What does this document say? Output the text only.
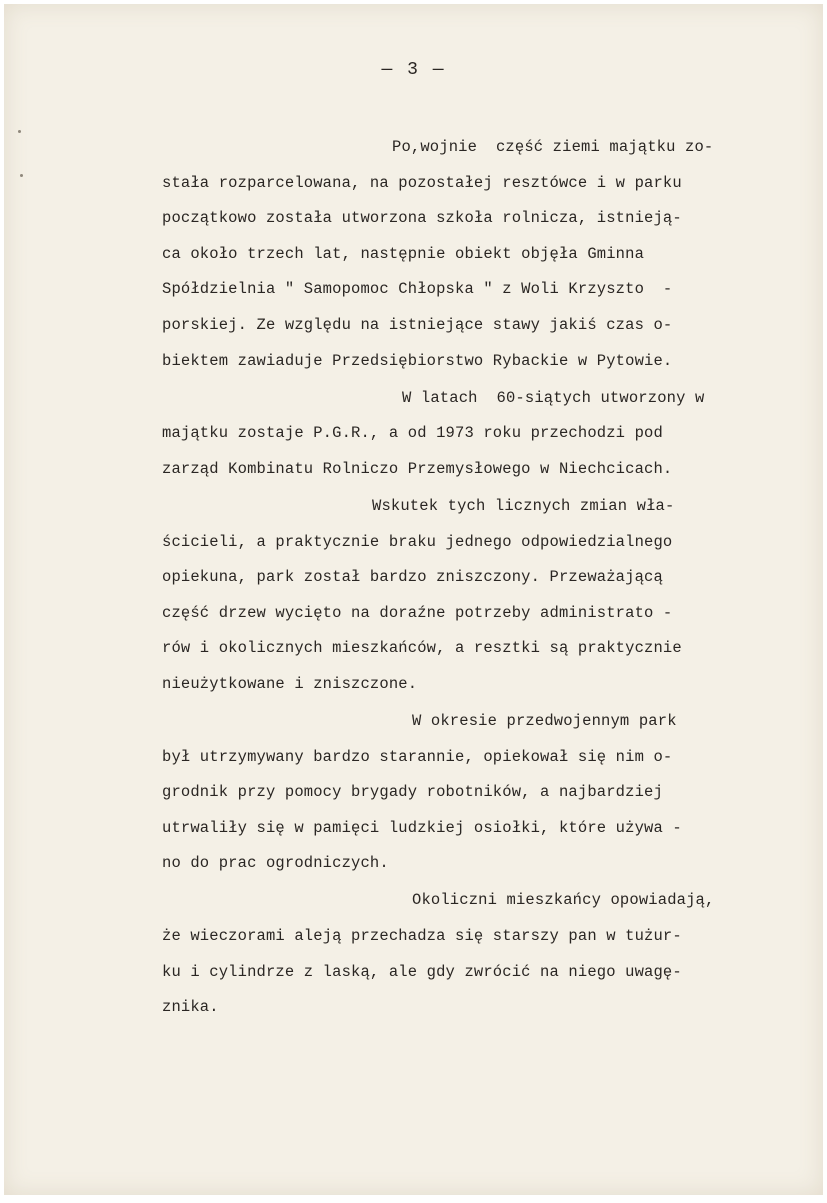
— 3 —
Po,wojnie  część ziemi majątku zo-
stała rozparcelowana, na pozostałej resztówce i w parku
początkowo została utworzona szkoła rolnicza, istnieją-
ca około trzech lat, następnie obiekt objęła Gminna
Spółdzielnia " Samopomoc Chłopska " z Woli Krzyszto  -
porskiej. Ze względu na istniejące stawy jakiś czas o-
biektem zawiaduje Przedsiębiorstwo Rybackie w Pytowie.
W latach  60-siątych utworzony w
majątku zostaje P.G.R., a od 1973 roku przechodzi pod
zarząd Kombinatu Rolniczo Przemysłowego w Niechcicach.
Wskutek tych licznych zmian wła-
ścicieli, a praktycznie braku jednego odpowiedzialnego
opiekuna, park został bardzo zniszczony. Przeważającą
część drzew wycięto na doraźne potrzeby administrato -
rów i okolicznych mieszkańców, a resztki są praktycznie
nieużytkowane i zniszczone.
W okresie przedwojennym park
był utrzymywany bardzo starannie, opiekował się nim o-
grodnik przy pomocy brygady robotników, a najbardziej
utrwaliły się w pamięci ludzkiej osiołki, które używa -
no do prac ogrodniczych.
Okoliczni mieszkańcy opowiadają,
że wieczorami aleją przechadza się starszy pan w tużur-
ku i cylindrze z laską, ale gdy zwrócić na niego uwagę-
znika.
